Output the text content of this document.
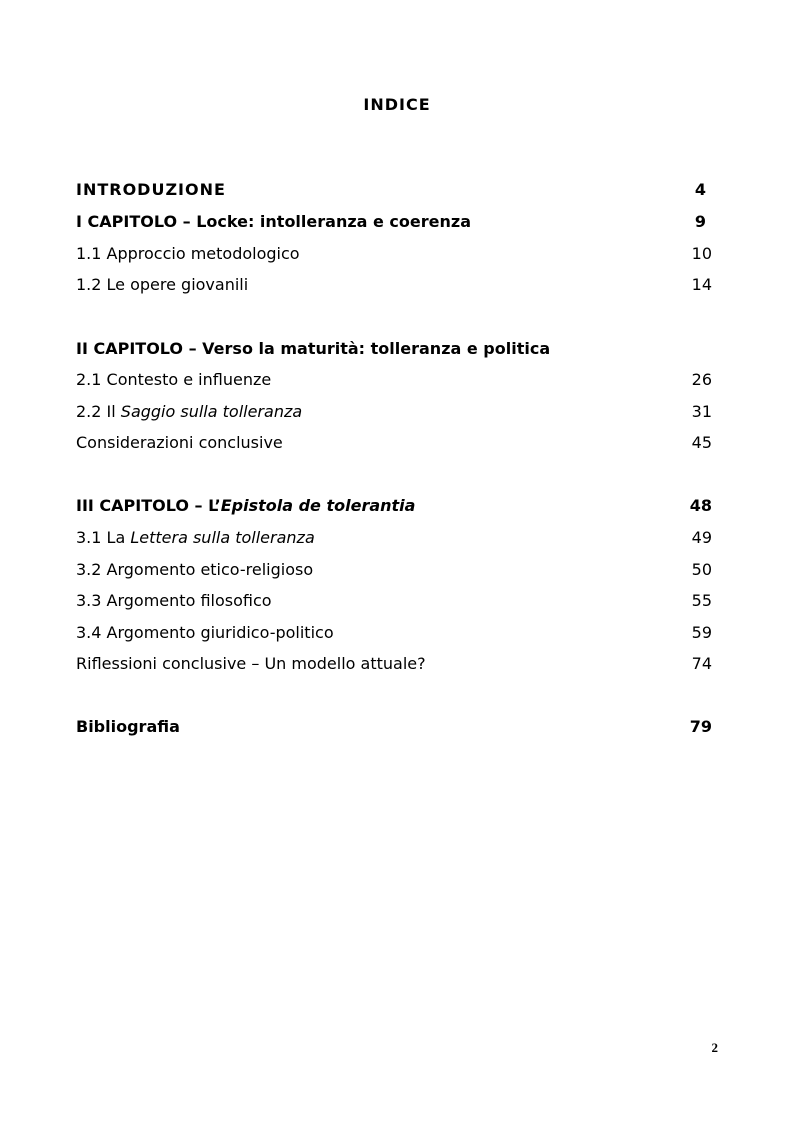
INDICE
INTRODUZIONE	4
I CAPITOLO – Locke: intolleranza e coerenza	9
1.1 Approccio metodologico	10
1.2 Le opere giovanili	14
II CAPITOLO – Verso la maturità: tolleranza e politica
2.1 Contesto e influenze	26
2.2 Il Saggio sulla tolleranza	31
Considerazioni conclusive	45
III CAPITOLO – L’Epistola de tolerantia	48
3.1 La Lettera sulla tolleranza	49
3.2 Argomento etico-religioso	50
3.3 Argomento filosofico	55
3.4 Argomento giuridico-politico	59
Riflessioni conclusive – Un modello attuale?	74
Bibliografia	79
2
